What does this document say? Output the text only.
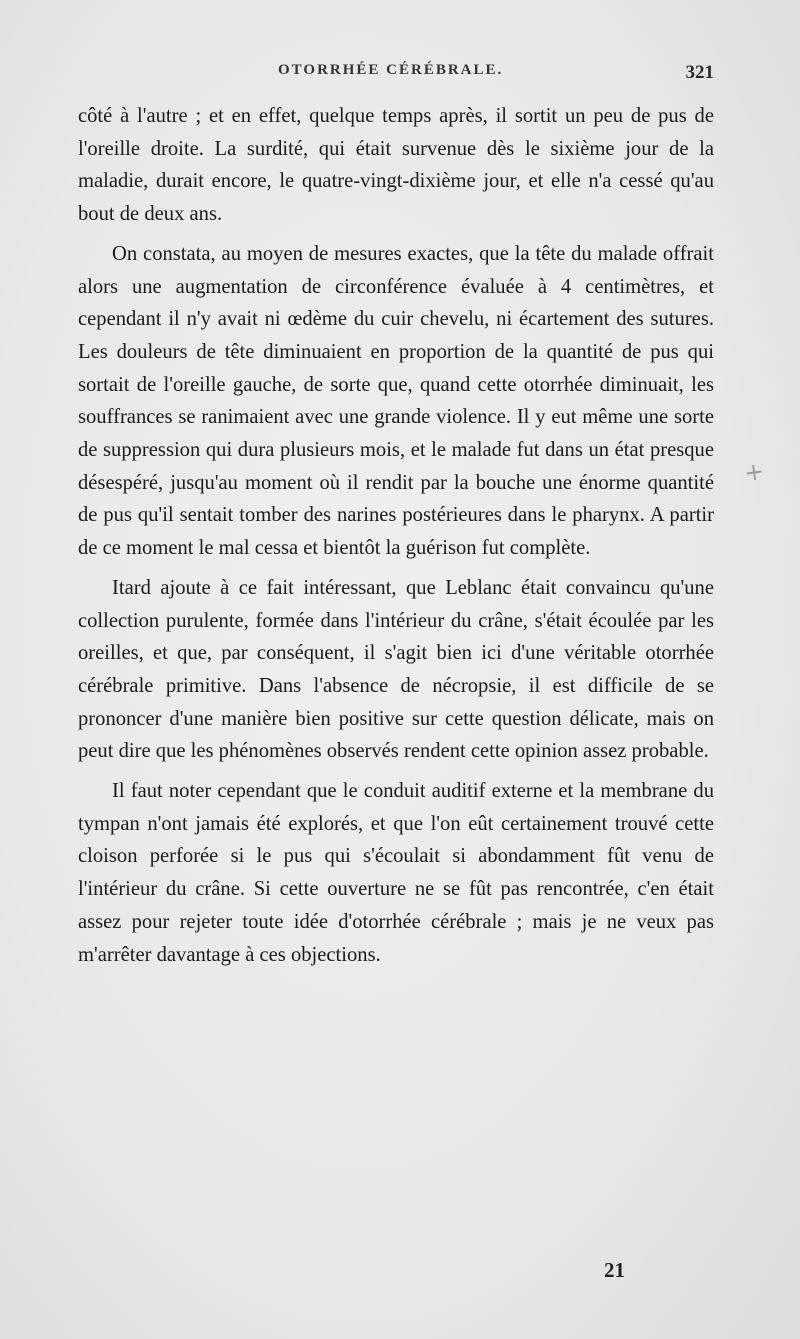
OTORRHÉE CÉRÉBRALE.	321

côté à l'autre ; et en effet, quelque temps après, il sortit un peu de pus de l'oreille droite. La surdité, qui était survenue dès le sixième jour de la maladie, durait encore, le quatre-vingt-dixième jour, et elle n'a cessé qu'au bout de deux ans.

On constata, au moyen de mesures exactes, que la tête du malade offrait alors une augmentation de circonférence évaluée à 4 centimètres, et cependant il n'y avait ni œdème du cuir chevelu, ni écartement des sutures. Les douleurs de tête diminuaient en proportion de la quantité de pus qui sortait de l'oreille gauche, de sorte que, quand cette otorrhée diminuait, les souffrances se ranimaient avec une grande violence. Il y eut même une sorte de suppression qui dura plusieurs mois, et le malade fut dans un état presque désespéré, jusqu'au moment où il rendit par la bouche une énorme quantité de pus qu'il sentait tomber des narines postérieures dans le pharynx. A partir de ce moment le mal cessa et bientôt la guérison fut complète.

Itard ajoute à ce fait intéressant, que Leblanc était convaincu qu'une collection purulente, formée dans l'intérieur du crâne, s'était écoulée par les oreilles, et que, par conséquent, il s'agit bien ici d'une véritable otorrhée cérébrale primitive. Dans l'absence de nécropsie, il est difficile de se prononcer d'une manière bien positive sur cette question délicate, mais on peut dire que les phénomènes observés rendent cette opinion assez probable.

Il faut noter cependant que le conduit auditif externe et la membrane du tympan n'ont jamais été explorés, et que l'on eût certainement trouvé cette cloison perforée si le pus qui s'écoulait si abondamment fût venu de l'intérieur du crâne. Si cette ouverture ne se fût pas rencontrée, c'en était assez pour rejeter toute idée d'otorrhée cérébrale ; mais je ne veux pas m'arrêter davantage à ces objections.

+
21
